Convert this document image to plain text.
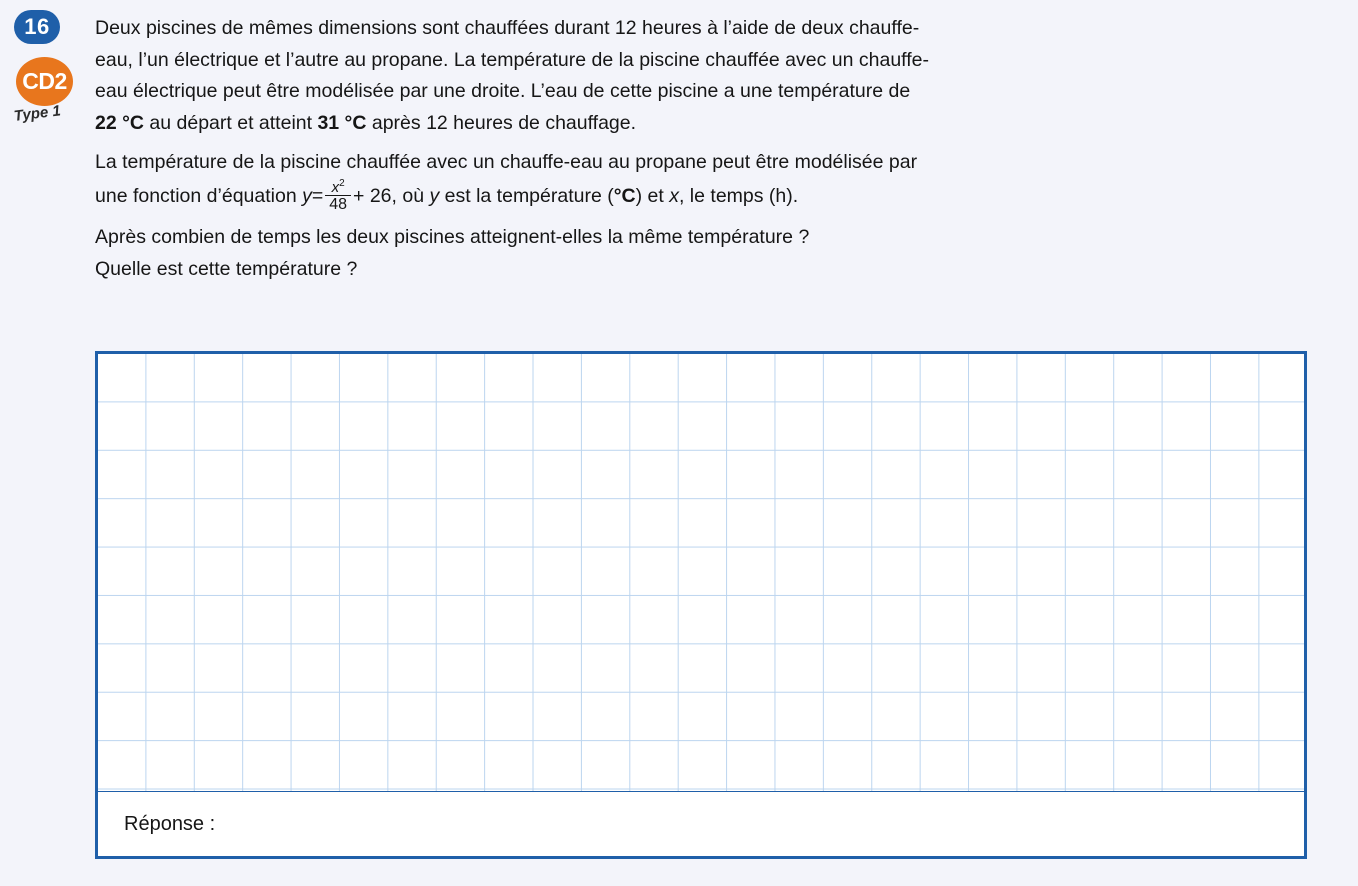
16
CD2
Type 1

Deux piscines de mêmes dimensions sont chauffées durant 12 heures à l’aide de deux chauffe-

eau, l’un électrique et l’autre au propane. La température de la piscine chauffée avec un chauffe-

eau électrique peut être modélisée par une droite. L’eau de cette piscine a une température de

22 °C au départ et atteint 31 °C après 12 heures de chauffage.

La température de la piscine chauffée avec un chauffe-eau au propane peut être modélisée par

une fonction d’équation $y= \frac{x^2}{48} + 26$, où y est la température (°C) et x, le temps (h).

Après combien de temps les deux piscines atteignent-elles la même température ?

Quelle est cette température ?

Réponse :
